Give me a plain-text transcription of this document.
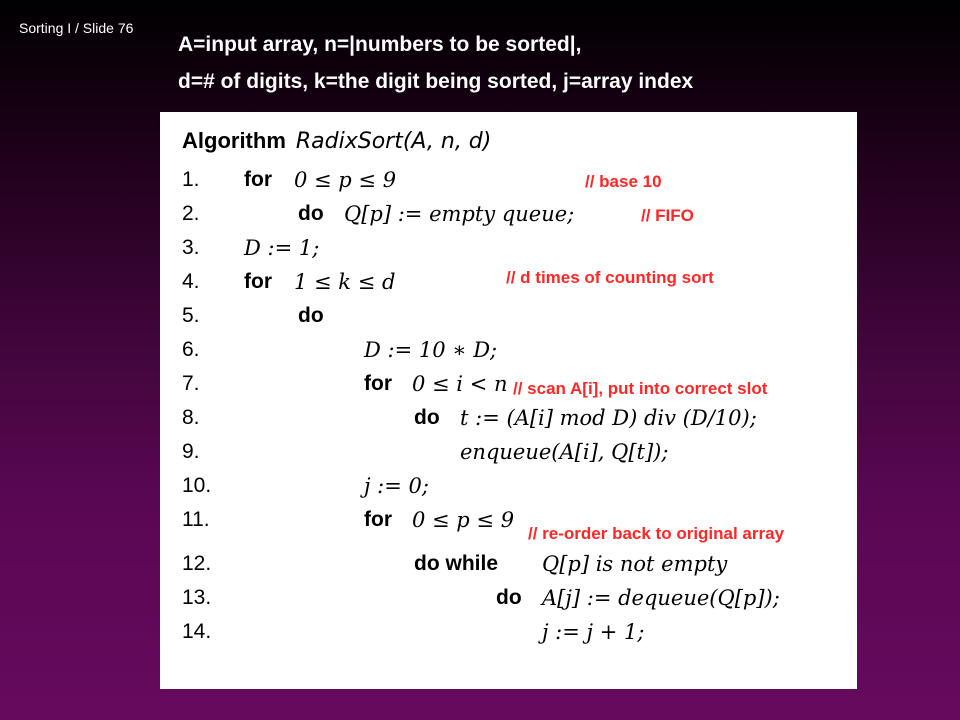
Sorting I / Slide 76
A=input array, n=|numbers to be sorted|,
d=# of digits, k=the digit being sorted, j=array index
Algorithm RadixSort(A, n, d)
1. for 0 ≤ p ≤ 9
2.	do Q[p] := empty queue;
3. D := 1;
4. for 1 ≤ k ≤ d
5.	do
6.	D := 10 ∗ D;
7.	for 0 ≤ i < n
8.	do t := (A[i] mod D) div (D/10);
9.	enqueue(A[i], Q[t]);
10.	j := 0;
11.	for 0 ≤ p ≤ 9
12.	do while Q[p] is not empty
13.	do A[j] := dequeue(Q[p]);
14.	j := j + 1;
// base 10
// FIFO
// d times of counting sort
// scan A[i], put into correct slot
// re-order back to original array
